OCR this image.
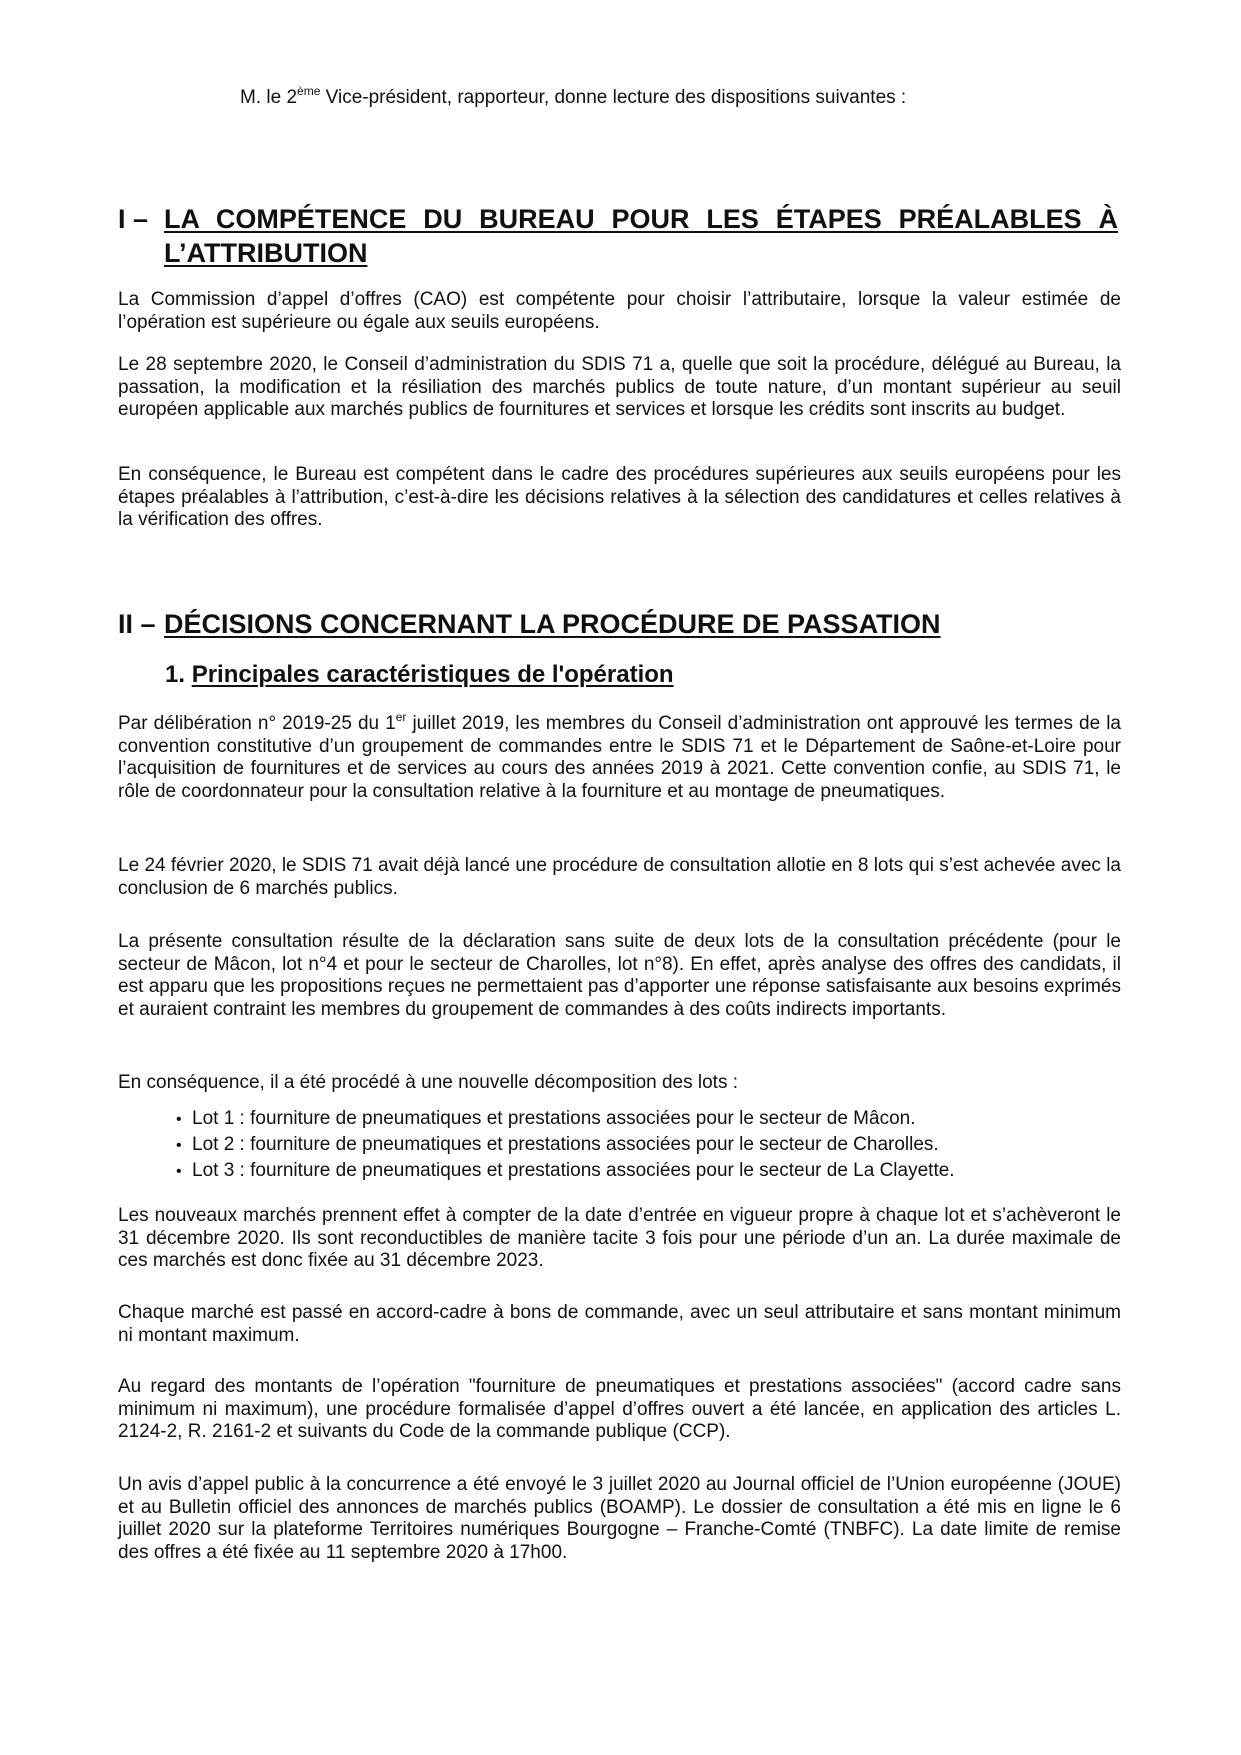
M. le 2ème Vice-président, rapporteur, donne lecture des dispositions suivantes :
I – LA COMPÉTENCE DU BUREAU POUR LES ÉTAPES PRÉALABLES À
L’ATTRIBUTION
La Commission d’appel d’offres (CAO) est compétente pour choisir l’attributaire, lorsque la valeur estimée de l’opération est supérieure ou égale aux seuils européens.
Le 28 septembre 2020, le Conseil d’administration du SDIS 71 a, quelle que soit la procédure, délégué au Bureau, la passation, la modification et la résiliation des marchés publics de toute nature, d’un montant supérieur au seuil européen applicable aux marchés publics de fournitures et services et lorsque les crédits sont inscrits au budget.
En conséquence, le Bureau est compétent dans le cadre des procédures supérieures aux seuils européens pour les étapes préalables à l’attribution, c’est-à-dire les décisions relatives à la sélection des candidatures et celles relatives à la vérification des offres.
II – DÉCISIONS CONCERNANT LA PROCÉDURE DE PASSATION
1. Principales caractéristiques de l'opération
Par délibération n° 2019-25 du 1er juillet 2019, les membres du Conseil d’administration ont approuvé les termes de la convention constitutive d’un groupement de commandes entre le SDIS 71 et le Département de Saône-et-Loire pour l’acquisition de fournitures et de services au cours des années 2019 à 2021. Cette convention confie, au SDIS 71, le rôle de coordonnateur pour la consultation relative à la fourniture et au montage de pneumatiques.
Le 24 février 2020, le SDIS 71 avait déjà lancé une procédure de consultation allotie en 8 lots qui s’est achevée avec la conclusion de 6 marchés publics.
La présente consultation résulte de la déclaration sans suite de deux lots de la consultation précédente (pour le secteur de Mâcon, lot n°4 et pour le secteur de Charolles, lot n°8). En effet, après analyse des offres des candidats, il est apparu que les propositions reçues ne permettaient pas d’apporter une réponse satisfaisante aux besoins exprimés et auraient contraint les membres du groupement de commandes à des coûts indirects importants.
En conséquence, il a été procédé à une nouvelle décomposition des lots :
• Lot 1 : fourniture de pneumatiques et prestations associées pour le secteur de Mâcon.
• Lot 2 : fourniture de pneumatiques et prestations associées pour le secteur de Charolles.
• Lot 3 : fourniture de pneumatiques et prestations associées pour le secteur de La Clayette.
Les nouveaux marchés prennent effet à compter de la date d’entrée en vigueur propre à chaque lot et s’achèveront le 31 décembre 2020. Ils sont reconductibles de manière tacite 3 fois pour une période d’un an. La durée maximale de ces marchés est donc fixée au 31 décembre 2023.
Chaque marché est passé en accord-cadre à bons de commande, avec un seul attributaire et sans montant minimum ni montant maximum.
Au regard des montants de l’opération "fourniture de pneumatiques et prestations associées" (accord cadre sans minimum ni maximum), une procédure formalisée d’appel d’offres ouvert a été lancée, en application des articles L. 2124-2, R. 2161-2 et suivants du Code de la commande publique (CCP).
Un avis d’appel public à la concurrence a été envoyé le 3 juillet 2020 au Journal officiel de l’Union européenne (JOUE) et au Bulletin officiel des annonces de marchés publics (BOAMP). Le dossier de consultation a été mis en ligne le 6 juillet 2020 sur la plateforme Territoires numériques Bourgogne – Franche-Comté (TNBFC). La date limite de remise des offres a été fixée au 11 septembre 2020 à 17h00.
